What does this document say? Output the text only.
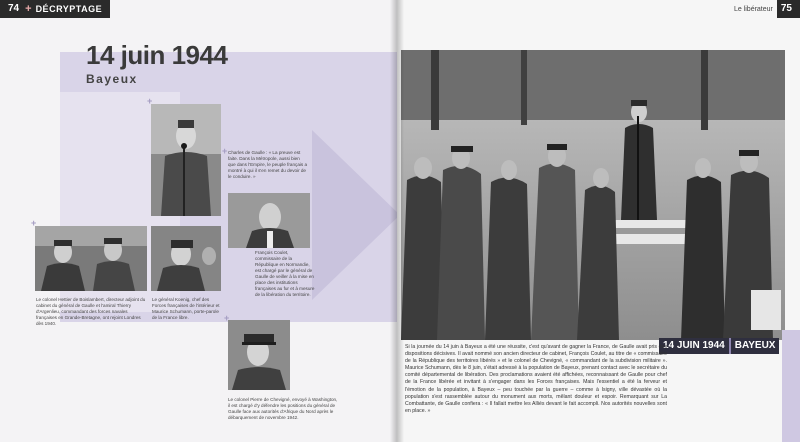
74 + DÉCRYPTAGE
14 juin 1944
Bayeux
+
Charles de Gaulle : « La preuve est faite. Dans la Métropole, aussi bien que dans l'Empire, le peuple français a montré à qui il s'en remet du devoir de le conduire. »
+
François Coulet, commissaire de la République en Normandie, est chargé par le général de Gaulle de veiller à la mise en place des institutions françaises au fur et à mesure de la libération du territoire.
+
Le colonel Hettier de Boislambert, directeur adjoint du cabinet du général de Gaulle et l'amiral Thierry d'Argenlieu, commandant des forces navales françaises en Grande-Bretagne, ont rejoint Londres dès 1940.
Le général Koenig, chef des Forces françaises de l'intérieur et Maurice Schumann, porte-parole de la France libre.	+
Le colonel Pierre de Chevigné, envoyé à Washington, il est chargé d'y défendre les positions du général de Gaulle face aux autorités d'Afrique du Nord après le débarquement de novembre 1942.
Le libérateur 75
14 JUIN 1944	BAYEUX
Si la journée du 14 juin à Bayeux a été une réussite, c'est qu'avant de gagner la France, de Gaulle avait pris des dispositions décisives. Il avait nommé son ancien directeur de cabinet, François Coulet, au titre de « commissaire de la République des territoires libérés » et le colonel de Chevigné, « commandant de la subdivision militaire ». Maurice Schumann, dès le 8 juin, s'était adressé à la population de Bayeux, prenant contact avec le secrétaire du comité départemental de libération. Des proclamations avaient été affichées, reconnaissant de Gaulle pour chef de la France libérée et invitant à s'engager dans les Forces françaises. Mais l'essentiel a été la ferveur et l'émotion de la population, à Bayeux – peu touchée par la guerre – comme à Isigny, ville dévastée où la population s'est rassemblée autour du monument aux morts, mêlant douleur et espoir. Remarquant sur La Combattante, de Gaulle confiera : « Il fallait mettre les Alliés devant le fait accompli. Nos autorités nouvelles sont en place. »
